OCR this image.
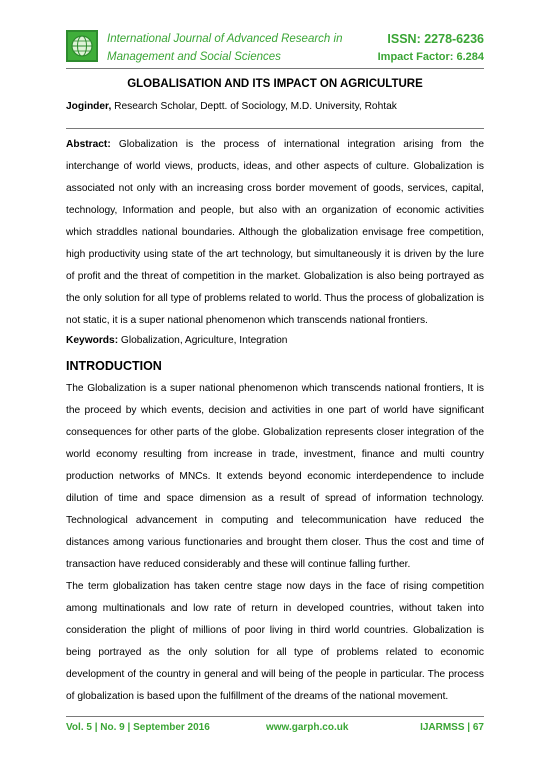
International Journal of Advanced Research in
Management and Social Sciences
ISSN: 2278-6236
Impact Factor: 6.284
GLOBALISATION AND ITS IMPACT ON AGRICULTURE
Joginder, Research Scholar, Deptt. of Sociology, M.D. University, Rohtak

Abstract: Globalization is the process of international integration arising from the interchange of world views, products, ideas, and other aspects of culture. Globalization is associated not only with an increasing cross border movement of goods, services, capital, technology, Information and people, but also with an organization of economic activities which straddles national boundaries. Although the globalization envisage free competition, high productivity using state of the art technology, but simultaneously it is driven by the lure of profit and the threat of competition in the market. Globalization is also being portrayed as the only solution for all type of problems related to world. Thus the process of globalization is not static, it is a super national phenomenon which transcends national frontiers.

Keywords: Globalization, Agriculture, Integration
INTRODUCTION

The Globalization is a super national phenomenon which transcends national frontiers, It is the proceed by which events, decision and activities in one part of world have significant consequences for other parts of the globe. Globalization represents closer integration of the world economy resulting from increase in trade, investment, finance and multi country production networks of MNCs. It extends beyond economic interdependence to include dilution of time and space dimension as a result of spread of information technology. Technological advancement in computing and telecommunication have reduced the distances among various functionaries and brought them closer. Thus the cost and time of transaction have reduced considerably and these will continue falling further.

The term globalization has taken centre stage now days in the face of rising competition among multinationals and low rate of return in developed countries, without taken into consideration the plight of millions of poor living in third world countries. Globalization is being portrayed as the only solution for all type of problems related to economic development of the country in general and will being of the people in particular. The process of globalization is based upon the fulfillment of the dreams of the national movement.

Vol. 5 | No. 9 | September 2016	www.garph.co.uk	IJARMSS | 67
